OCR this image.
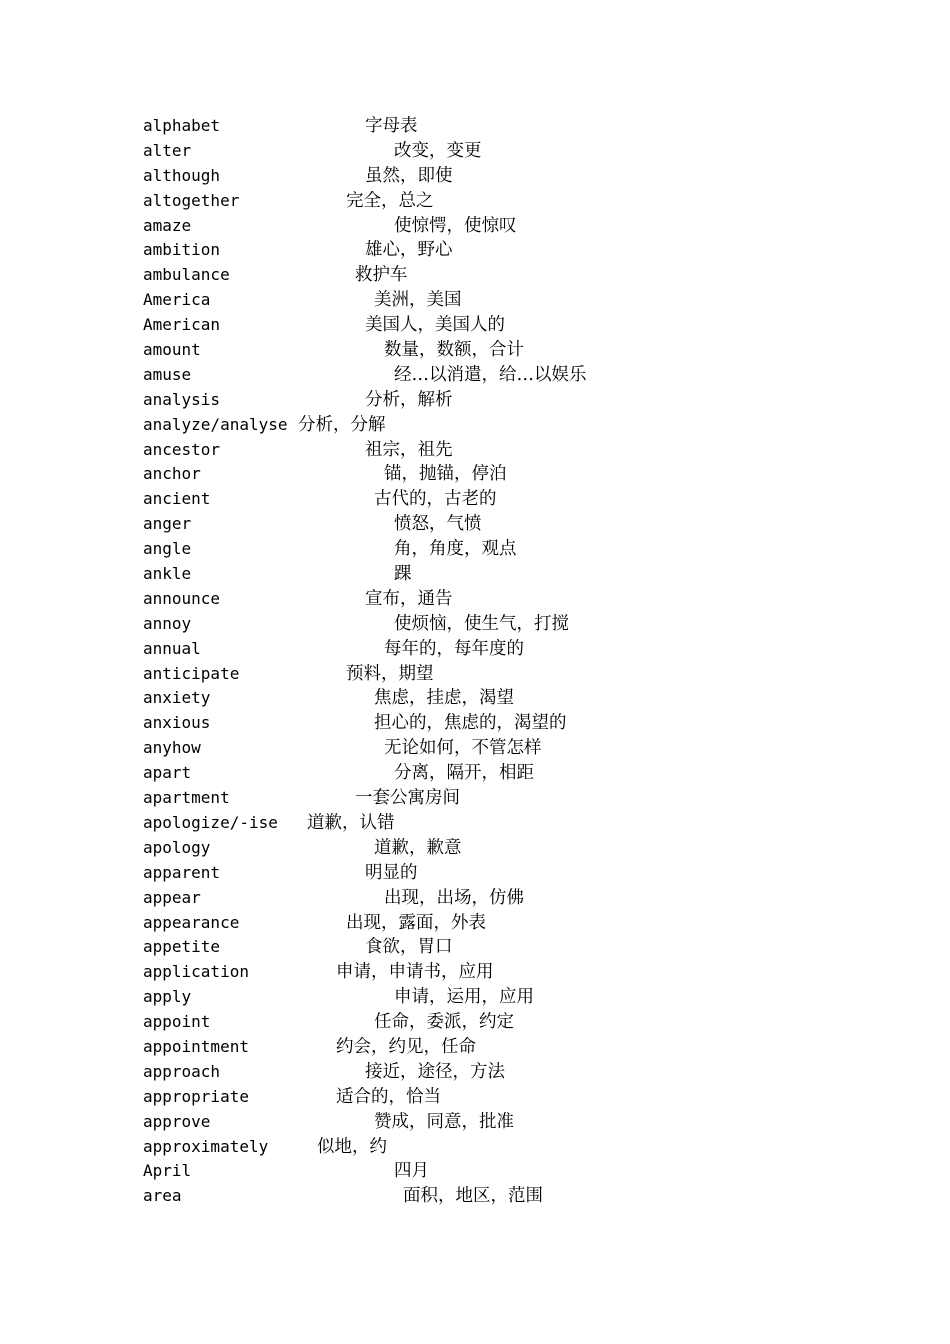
alphabet	字母表
alter	改变，变更
although	虽然，即使
altogether	完全，总之
amaze	使惊愕，使惊叹
ambition	雄心，野心
ambulance	救护车
America	美洲，美国
American	美国人，美国人的
amount	数量，数额，合计
amuse	经…以消遣，给…以娱乐
analysis	分析，解析
analyze/analyse 分析，分解
ancestor	祖宗，祖先
anchor	锚，抛锚，停泊
ancient	古代的，古老的
anger	愤怒，气愤
angle	角，角度，观点
ankle	踝
announce	宣布，通告
annoy	使烦恼，使生气，打搅
annual	每年的，每年度的
anticipate	预料，期望
anxiety	焦虑，挂虑，渴望
anxious	担心的，焦虑的，渴望的
anyhow	无论如何，不管怎样
apart	分离，隔开，相距
apartment	一套公寓房间
apologize/-ise 道歉，认错
apology	道歉，歉意
apparent	明显的
appear	出现，出场，仿佛
appearance	出现，露面，外表
appetite	食欲，胃口
application	申请，申请书，应用
apply	申请，运用，应用
appoint	任命，委派，约定
appointment	约会，约见，任命
approach	接近，途径，方法
appropriate	适合的，恰当
approve	赞成，同意，批准
approximately	似地，约
April	四月
area	面积，地区，范围
